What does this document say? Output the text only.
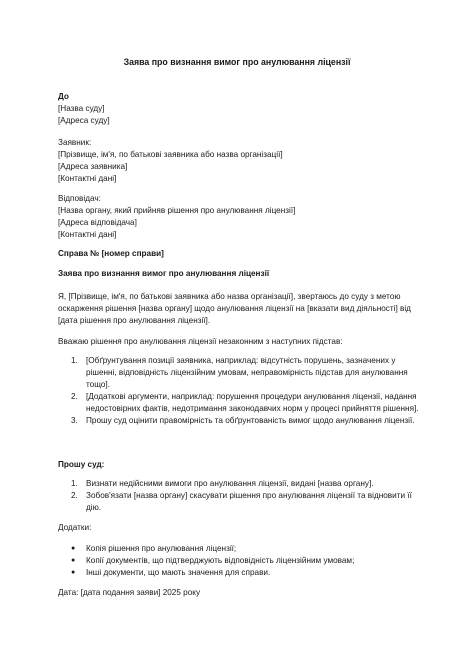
Заява про визнання вимог про анулювання ліцензії
До
[Назва суду]
[Адреса суду]
Заявник:
[Прізвище, ім'я, по батькові заявника або назва організації]
[Адреса заявника]
[Контактні дані]
Відповідач:
[Назва органу, який прийняв рішення про анулювання ліцензії]
[Адреса відповідача]
[Контактні дані]
Справа № [номер справи]
Заява про визнання вимог про анулювання ліцензії
Я, [Прізвище, ім'я, по батькові заявника або назва організації], звертаюсь до суду з метою оскарження рішення [назва органу] щодо анулювання ліцензії на [вказати вид діяльності] від [дата рішення про анулювання ліцензії].
Вважаю рішення про анулювання ліцензії незаконним з наступних підстав:
1. [Обґрунтування позиції заявника, наприклад: відсутність порушень, зазначених у рішенні, відповідність ліцензійним умовам, неправомірність підстав для анулювання тощо].
2. [Додаткові аргументи, наприклад: порушення процедури анулювання ліцензії, надання недостовірних фактів, недотримання законодавчих норм у процесі прийняття рішення].
3. Прошу суд оцінити правомірність та обґрунтованість вимог щодо анулювання ліцензії.
Прошу суд:
1. Визнати недійсними вимоги про анулювання ліцензії, видані [назва органу].
2. Зобов'язати [назва органу] скасувати рішення про анулювання ліцензії та відновити її дію.
Додатки:
● Копія рішення про анулювання ліцензії;
● Копії документів, що підтверджують відповідність ліцензійним умовам;
● Інші документи, що мають значення для справи.
Дата: [дата подання заяви] 2025 року
